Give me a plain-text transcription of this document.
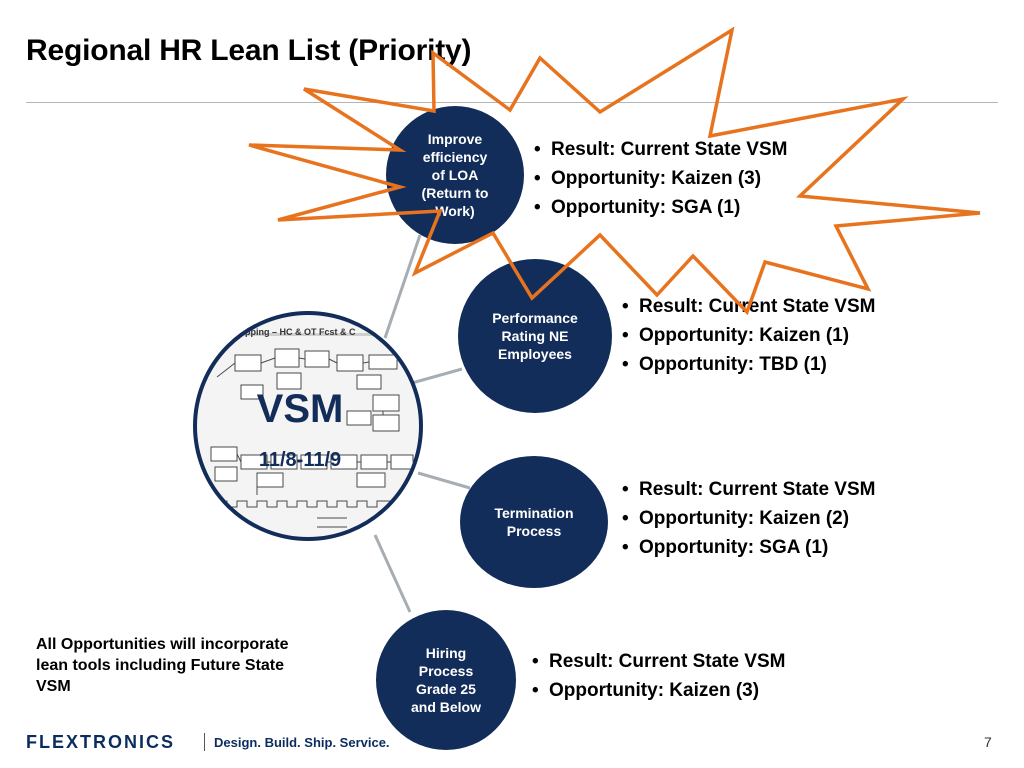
Regional HR Lean List (Priority)
pping – HC & OT Fcst & C
VSM
11/8-11/9
Improve
efficiency
of LOA
(Return to
Work)
Performance
Rating NE
Employees
Termination
Process
Hiring
Process
Grade 25
and Below
• Result: Current State VSM
• Opportunity: Kaizen (3)
• Opportunity: SGA (1)
• Result: Current State VSM
• Opportunity: Kaizen (1)
• Opportunity: TBD (1)
• Result: Current State VSM
• Opportunity: Kaizen (2)
• Opportunity: SGA (1)
• Result: Current State VSM
• Opportunity: Kaizen (3)
All Opportunities will incorporate lean tools including Future State VSM
FLEXTRONICS	Design. Build. Ship. Service.	7
